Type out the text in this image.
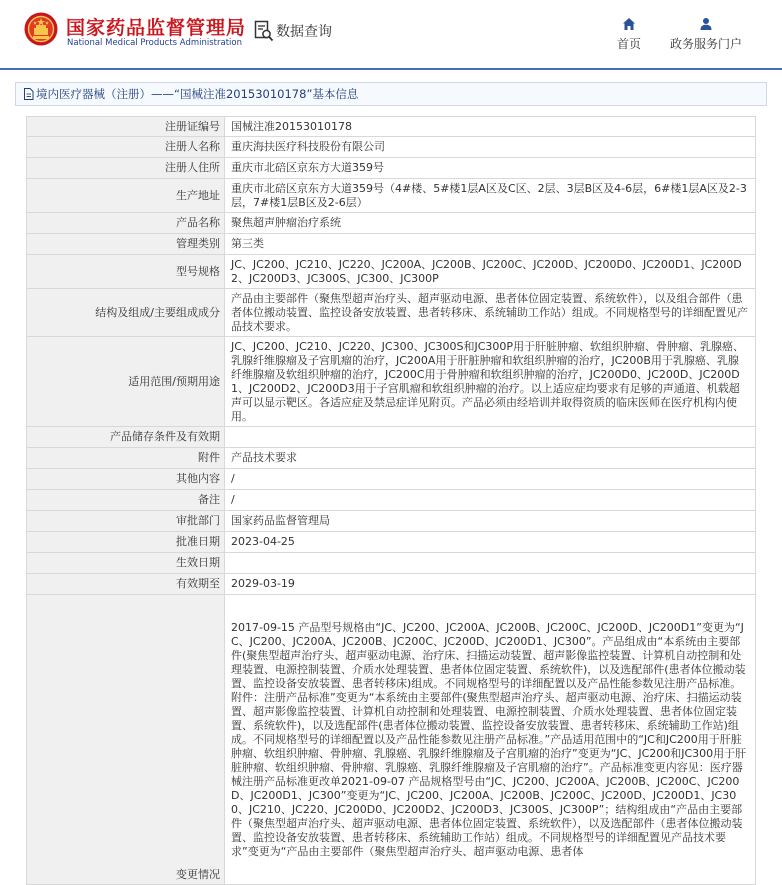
国家药品监督管理局
National Medical Products Administration
数据查询
首页 政务服务门户
境内医疗器械（注册）——“国械注准20153010178”基本信息
注册证编号	国械注准20153010178
注册人名称	重庆海扶医疗科技股份有限公司
注册人住所	重庆市北碚区京东方大道359号
生产地址	重庆市北碚区京东方大道359号（4#楼、5#楼1层A区及C区、2层、3层B区及4-6层，6#楼1层A区及2-3层，7#楼1层B区及2-6层）
产品名称	聚焦超声肿瘤治疗系统
管理类别	第三类
型号规格	JC、JC200、JC210、JC220、JC200A、JC200B、JC200C、JC200D、JC200D0、JC200D1、JC200D2、JC200D3、JC300S、JC300、JC300P
结构及组成/主要组成成分	产品由主要部件（聚焦型超声治疗头、超声驱动电源、患者体位固定装置、系统软件），以及组合部件（患者体位搬动装置、监控设备安放装置、患者转移床、系统辅助工作站）组成。不同规格型号的详细配置见产品技术要求。
适用范围/预期用途	JC、JC200、JC210、JC220、JC300、JC300S和JC300P用于肝脏肿瘤、软组织肿瘤、骨肿瘤、乳腺癌、乳腺纤维腺瘤及子宫肌瘤的治疗，JC200A用于肝脏肿瘤和软组织肿瘤的治疗，JC200B用于乳腺癌、乳腺纤维腺瘤及软组织肿瘤的治疗，JC200C用于骨肿瘤和软组织肿瘤的治疗，JC200D0、JC200D、JC200D1、JC200D2、JC200D3用于子宫肌瘤和软组织肿瘤的治疗。以上适应症均要求有足够的声通道、机载超声可以显示靶区。各适应症及禁忌症详见附页。产品必须由经培训并取得资质的临床医师在医疗机构内使用。
产品储存条件及有效期	
附件	产品技术要求
其他内容	/
备注	/
审批部门	国家药品监督管理局
批准日期	2023-04-25
生效日期	
有效期至	2029-03-19
变更情况	2017-09-15 产品型号规格由“JC、JC200、JC200A、JC200B、JC200C、JC200D、JC200D1”变更为“JC、JC200、JC200A、JC200B、JC200C、JC200D、JC200D1、JC300”。产品组成由“本系统由主要部件(聚焦型超声治疗头、超声驱动电源、治疗床、扫描运动装置、超声影像监控装置、计算机自动控制和处理装置、电源控制装置、介质水处理装置、患者体位固定装置、系统软件)，以及选配部件(患者体位搬动装置、监控设备安放装置、患者转移床)组成。不同规格型号的详细配置以及产品性能参数见注册产品标准。附件：注册产品标准”变更为“本系统由主要部件(聚焦型超声治疗头、超声驱动电源、治疗床、扫描运动装置、超声影像监控装置、计算机自动控制和处理装置、电源控制装置、介质水处理装置、患者体位固定装置、系统软件)，以及选配部件(患者体位搬动装置、监控设备安放装置、患者转移床、系统辅助工作站)组成。不同规格型号的详细配置以及产品性能参数见注册产品标准。”产品适用范围中的“JC和JC200用于肝脏肿瘤、软组织肿瘤、骨肿瘤、乳腺癌、乳腺纤维腺瘤及子宫肌瘤的治疗”变更为“JC、JC200和JC300用于肝脏肿瘤、软组织肿瘤、骨肿瘤、乳腺癌、乳腺纤维腺瘤及子宫肌瘤的治疗”。产品标准变更内容见：医疗器械注册产品标准更改单2021-09-07 产品规格型号由“JC、JC200、JC200A、JC200B、JC200C、JC200D、JC200D1、JC300”变更为“JC、JC200、JC200A、JC200B、JC200C、JC200D、JC200D1、JC300、JC210、JC220、JC200D0、JC200D2、JC200D3、JC300S、JC300P”；结构组成由“产品由主要部件（聚焦型超声治疗头、超声驱动电源、患者体位固定装置、系统软件），以及选配部件（患者体位搬动装置、监控设备安放装置、患者转移床、系统辅助工作站）组成。不同规格型号的详细配置见产品技术要求”变更为“产品由主要部件（聚焦型超声治疗头、超声驱动电源、患者体
